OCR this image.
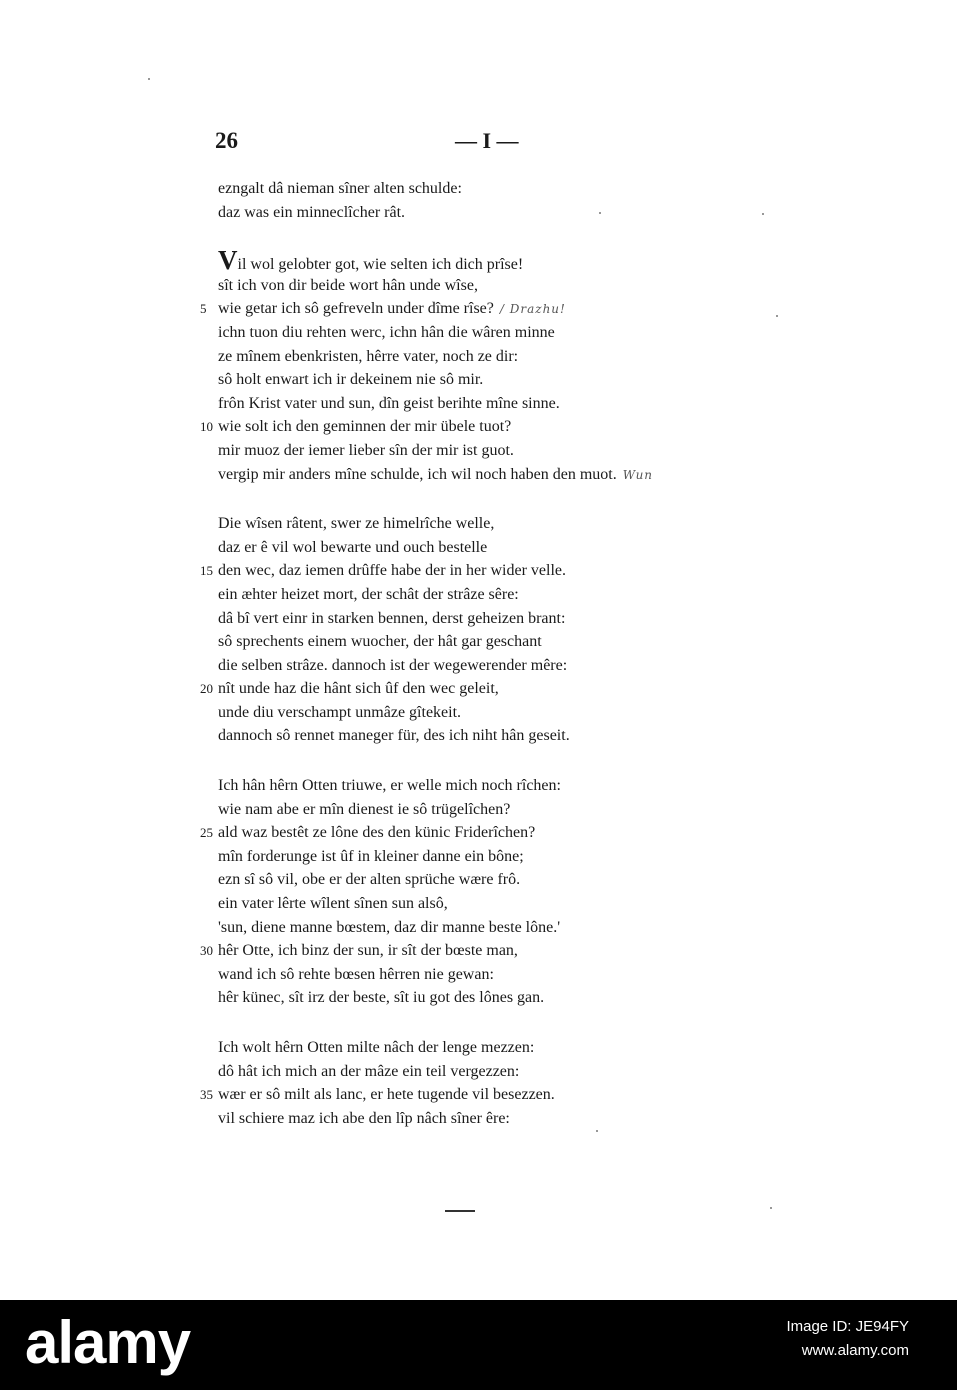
26	— I —
ezngalt dâ nieman sîner alten schulde:
daz was ein minneclîcher rât.
Vil wol gelobter got, wie selten ich dich prîse!
sît ich von dir beide wort hân unde wîse,
5 wie getar ich sô gefreveln under dîme rîse? / Drazhu!
ichn tuon diu rehten werc, ichn hân die wâren minne
ze mînem ebenkristen, hêrre vater, noch ze dir:
sô holt enwart ich ir dekeinem nie sô mir.
frôn Krist vater und sun, dîn geist berihte mîne sinne.
10 wie solt ich den geminnen der mir übele tuot?
mir muoz der iemer lieber sîn der mir ist guot.
vergip mir anders mîne schulde, ich wil noch haben den muot. Wun
Die wîsen râtent, swer ze himelrîche welle,
daz er ê vil wol bewarte und ouch bestelle
15 den wec, daz iemen drûffe habe der in her wider velle.
ein æhter heizet mort, der schât der strâze sêre:
dâ bî vert einr in starken bennen, derst geheizen brant:
sô sprechents einem wuocher, der hât gar geschant
die selben strâze. dannoch ist der wegewerender mêre:
20 nît unde haz die hânt sich ûf den wec geleit,
unde diu verschampt unmâze gîtekeit.
dannoch sô rennet maneger für, des ich niht hân geseit.
Ich hân hêrn Otten triuwe, er welle mich noch rîchen:
wie nam abe er mîn dienest ie sô trügelîchen?
25 ald waz bestêt ze lône des den künic Friderîchen?
mîn forderunge ist ûf in kleiner danne ein bône;
ezn sî sô vil, obe er der alten sprüche wære frô.
ein vater lêrte wîlent sînen sun alsô,
'sun, diene manne bœstem, daz dir manne beste lône.'
30 hêr Otte, ich binz der sun, ir sît der bœste man,
wand ich sô rehte bœsen hêrren nie gewan:
hêr künec, sît irz der beste, sît iu got des lônes gan.
Ich wolt hêrn Otten milte nâch der lenge mezzen:
dô hât ich mich an der mâze ein teil vergezzen:
35 wær er sô milt als lanc, er hete tugende vil besezzen.
vil schiere maz ich abe den lîp nâch sîner êre:
alamy	Image ID: JE94FY
www.alamy.com
